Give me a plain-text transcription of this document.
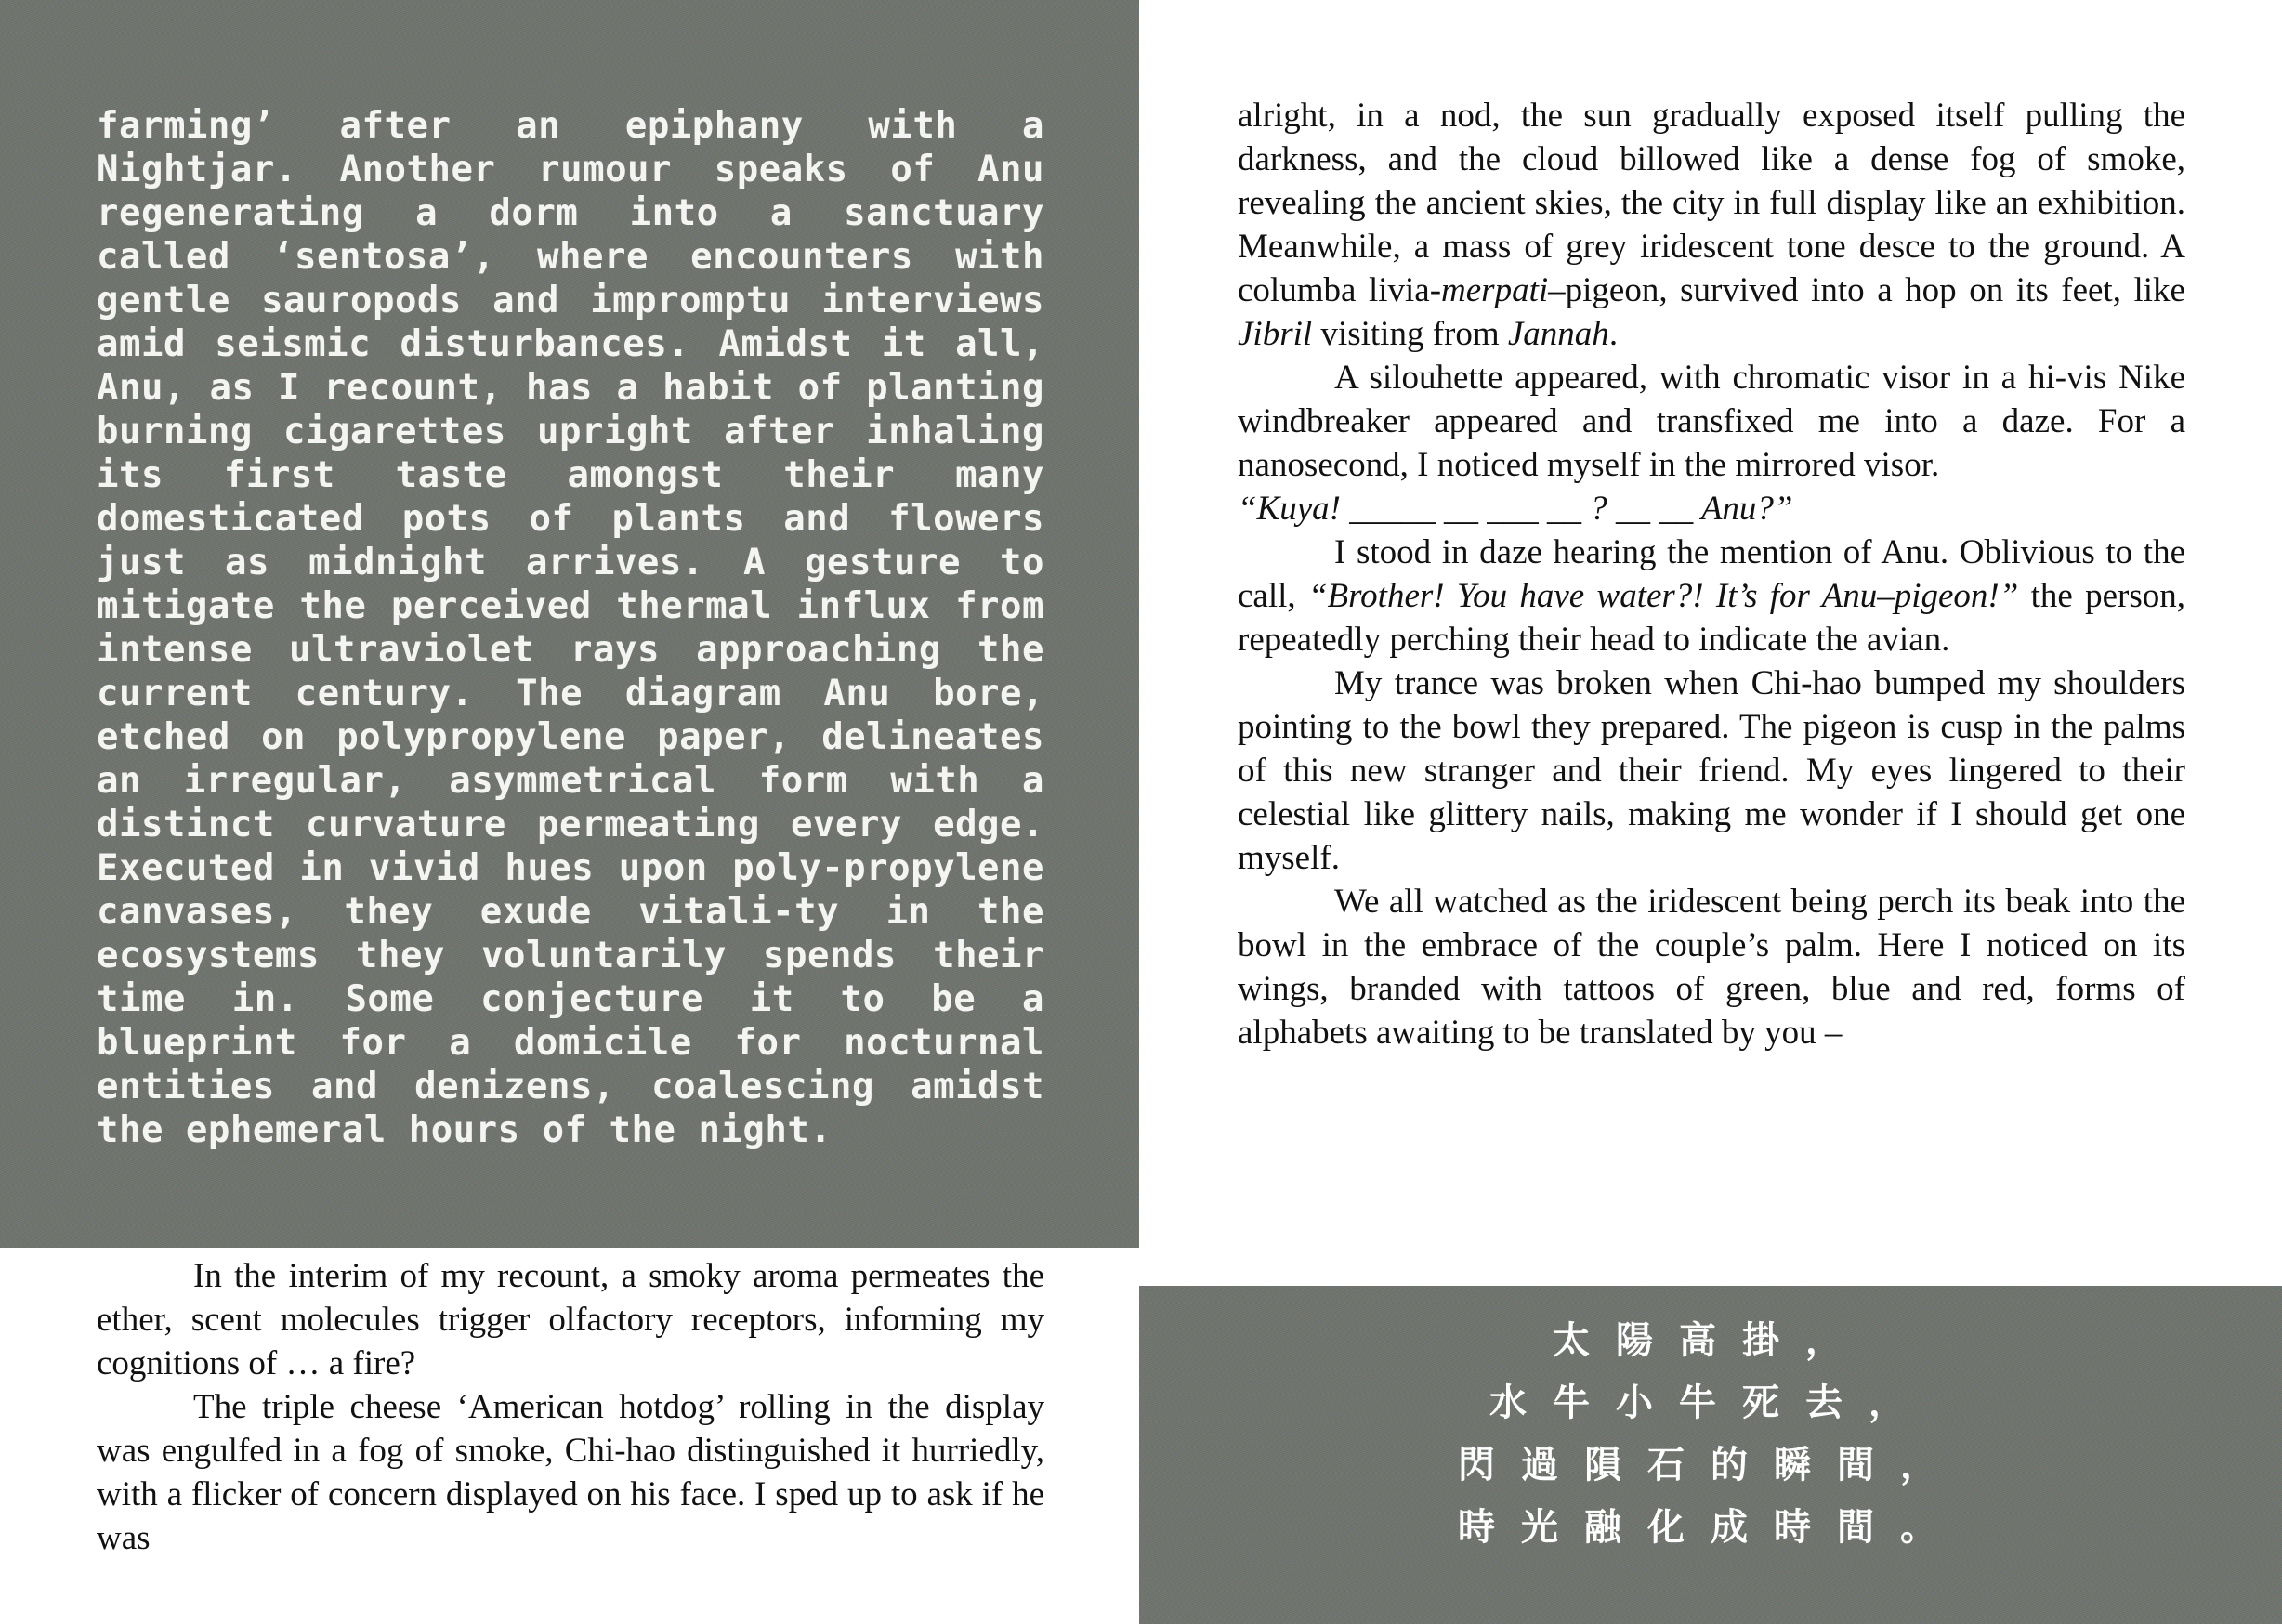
farming’ after an epiphany with a Nightjar. Another rumour speaks of Anu regenerating a dorm into a sanctuary called ‘sentosa’, where encounters with gentle sauropods and impromptu interviews amid seismic disturbances. Amidst it all, Anu, as I recount, has a habit of planting burning cigarettes upright after inhaling its first taste amongst their many domesticated pots of plants and flowers just as midnight arrives. A gesture to mitigate the perceived thermal influx from intense ultraviolet rays approaching the current century. The diagram Anu bore, etched on polypropylene paper, delineates an irregular, asymmetrical form with a distinct curvature permeating every edge. Executed in vivid hues upon poly-propylene canvases, they exude vitali-ty in the ecosystems they voluntarily spends their time in. Some conjecture it to be a blueprint for a domicile for nocturnal entities and denizens, coalescing amidst the ephemeral hours of the night.

In the interim of my recount, a smoky aroma permeates the ether, scent molecules trigger olfactory receptors, informing my cognitions of … a fire?

The triple cheese ‘American hotdog’ rolling in the display was engulfed in a fog of smoke, Chi-hao distinguished it hurriedly, with a flicker of concern displayed on his face. I sped up to ask if he was

alright, in a nod, the sun gradually exposed itself pulling the darkness, and the cloud billowed like a dense fog of smoke, revealing the ancient skies, the city in full display like an exhibition. Meanwhile, a mass of grey iridescent tone desce to the ground. A columba livia-merpati–pigeon, survived into a hop on its feet, like Jibril visiting from Jannah.

A silouhette appeared, with chromatic visor in a hi-vis Nike windbreaker appeared and transfixed me into a daze. For a nanosecond, I noticed myself in the mirrored visor.

“Kuya! _____ __ ___ __ ? __ __ Anu?”

I stood in daze hearing the mention of Anu. Oblivious to the call, “Brother! You have water?! It’s for Anu–pigeon!” the person, repeatedly perching their head to indicate the avian.

My trance was broken when Chi-hao bumped my shoulders pointing to the bowl they prepared. The pigeon is cusp in the palms of this new stranger and their friend. My eyes lingered to their celestial like glittery nails, making me wonder if I should get one myself.

We all watched as the iridescent being perch its beak into the bowl in the embrace of the couple’s palm. Here I noticed on its wings, branded with tattoos of green, blue and red, forms of alphabets awaiting to be translated by you –

太陽高掛，
水牛小牛死去，
閃過隕石的瞬間，
時光融化成時間。
